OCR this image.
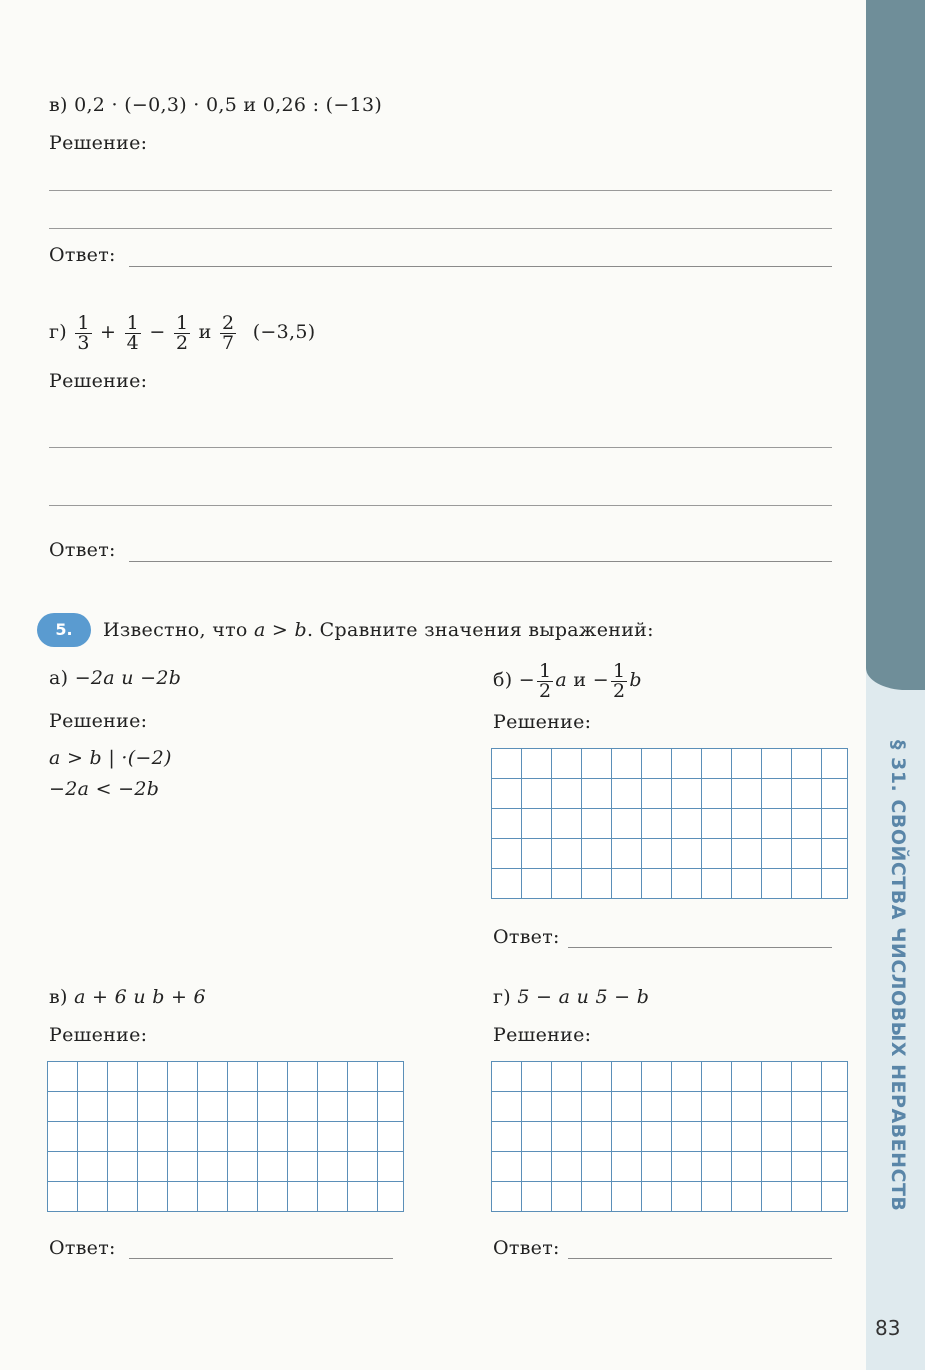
§ 31. СВОЙСТВА ЧИСЛОВЫХ НЕРАВЕНСТВ
83
в) 0,2 · (−0,3) · 0,5 и 0,26 : (−13)
Решение:
Ответ:
$г) \frac{1}{3} + \frac{1}{4} - \frac{1}{2}$ и $\frac{2}{7} (-3,5)$
Решение:
Ответ:
5.	Известно, что a > b. Сравните значения выражений:
а) −2a и −2b
Решение:
a > b | ·(−2)
−2a < −2b
$б) - \frac{1}{2}$ a $и - \frac{1}{2}$ b
Решение:
Ответ:
в) a + 6 и b + 6
Решение:
Ответ:
г) 5 − a и 5 − b
Решение:
Ответ:
